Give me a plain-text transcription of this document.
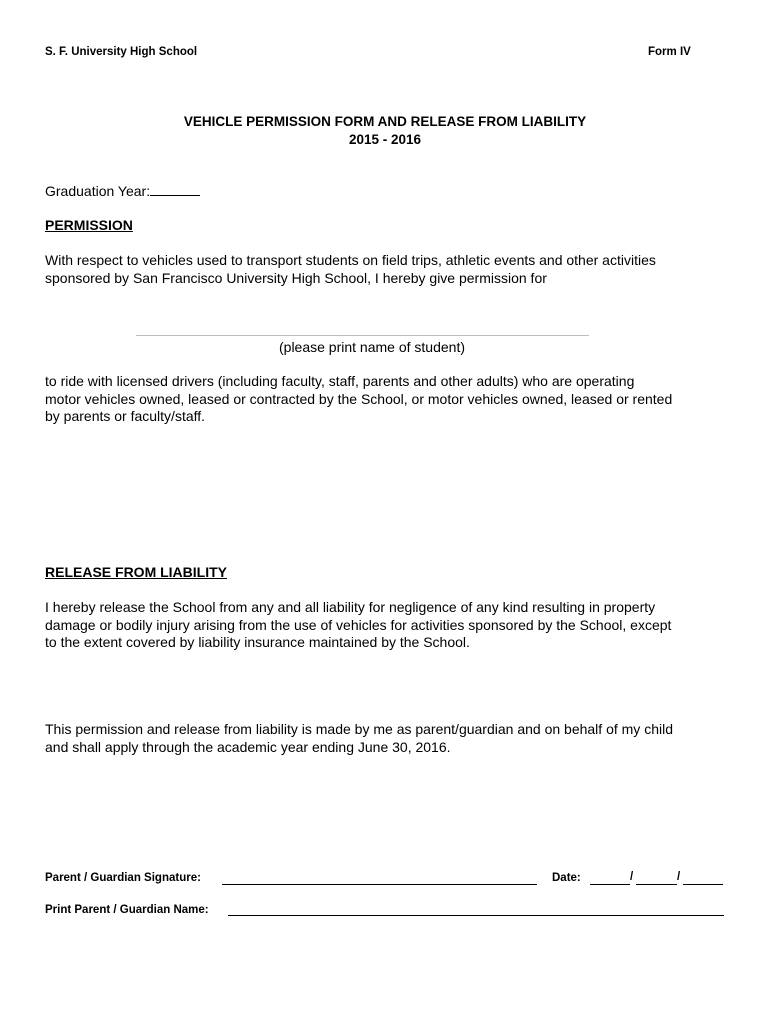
S. F. University High School	Form IV
VEHICLE PERMISSION FORM AND RELEASE FROM LIABILITY
2015 - 2016
Graduation Year:
PERMISSION
With respect to vehicles used to transport students on field trips, athletic events and other activities
sponsored by San Francisco University High School, I hereby give permission for
(please print name of student)
to ride with licensed drivers (including faculty, staff, parents and other adults) who are operating
motor vehicles owned, leased or contracted by the School, or motor vehicles owned, leased or rented
by parents or faculty/staff.
RELEASE FROM LIABILITY
I hereby release the School from any and all liability for negligence of any kind resulting in property
damage or bodily injury arising from the use of vehicles for activities sponsored by the School, except
to the extent covered by liability insurance maintained by the School.
This permission and release from liability is made by me as parent/guardian and on behalf of my child
and shall apply through the academic year ending June 30, 2016.
Parent / Guardian Signature:	Date:	/	/
Print Parent / Guardian Name:
